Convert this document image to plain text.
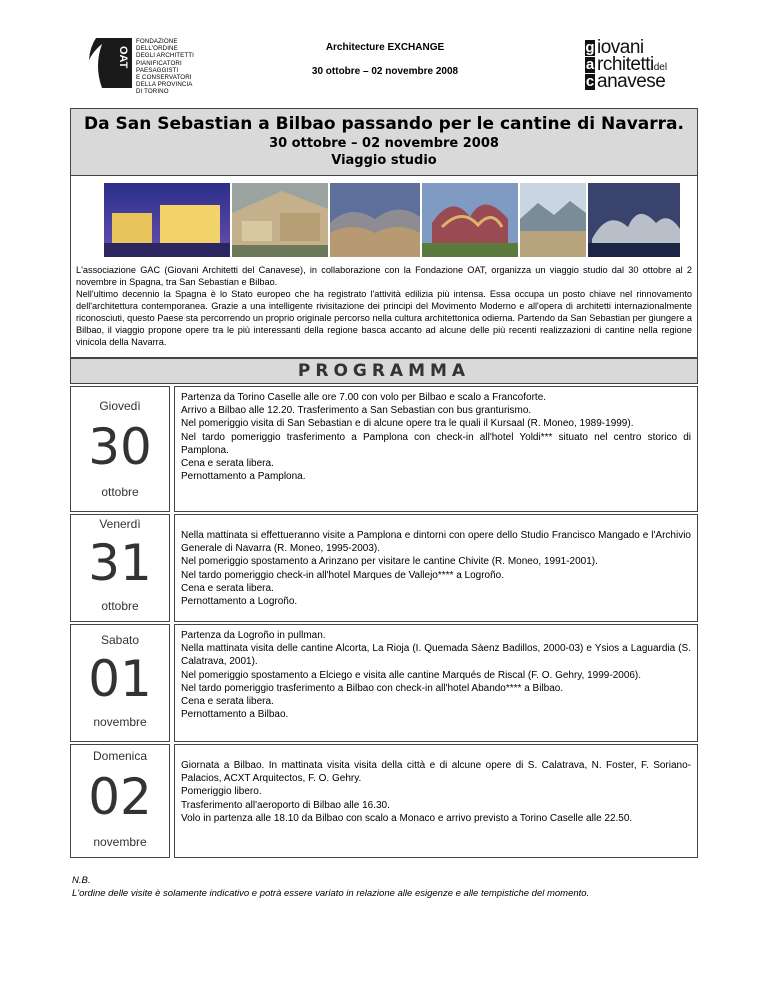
OAT
FONDAZIONE
DELL'ORDINE
DEGLI ARCHITETTI
PIANIFICATORI
PAESAGGISTI
E CONSERVATORI
DELLA PROVINCIA
DI TORINO
Architecture EXCHANGE
30 ottobre – 02 novembre 2008
g iovani
a rchitettidel
c anavese
Da San Sebastian a Bilbao passando per le cantine di Navarra.
30 ottobre – 02 novembre 2008
Viaggio studio

L'associazione GAC (Giovani Architetti del Canavese), in collaborazione con la Fondazione OAT, organizza un viaggio studio dal 30 ottobre al 2 novembre in Spagna, tra San Sebastian e Bilbao.

Nell'ultimo decennio la Spagna è lo Stato europeo che ha registrato l'attività edilizia più intensa. Essa occupa un posto chiave nel rinnovamento dell'architettura contemporanea. Grazie a una intelligente rivisitazione dei principi del Movimento Moderno e all'opera di architetti internazionalmente riconosciuti, questo Paese sta percorrendo un proprio originale percorso nella cultura architettonica odierna. Partendo da San Sebastian per giungere a Bilbao, il viaggio propone opere tra le più interessanti della regione basca accanto ad alcune delle più recenti realizzazioni di cantine nella regione vinicola della Navarra.

PROGRAMMA
Giovedì
30
ottobre
Partenza da Torino Caselle alle ore 7.00 con volo per Bilbao e scalo a Francoforte.
Arrivo a Bilbao alle 12.20. Trasferimento a San Sebastian con bus granturismo.
Nel pomeriggio visita di San Sebastian e di alcune opere tra le quali il Kursaal (R. Moneo, 1989-1999).
Nel tardo pomeriggio trasferimento a Pamplona con check-in all'hotel Yoldi*** situato nel centro storico di Pamplona.
Cena e serata libera.
Pernottamento a Pamplona.
Venerdì
31
ottobre
Nella mattinata si effettueranno visite a Pamplona e dintorni con opere dello Studio Francisco Mangado e l'Archivio Generale di Navarra (R. Moneo, 1995-2003).
Nel pomeriggio spostamento a Arinzano per visitare le cantine Chivite (R. Moneo, 1991-2001).
Nel tardo pomeriggio check-in all'hotel Marques de Vallejo**** a Logroño.
Cena e serata libera.
Pernottamento a Logroño.
Sabato
01
novembre
Partenza da Logroño in pullman.
Nella mattinata visita delle cantine Alcorta, La Rioja (I. Quemada Sàenz Badillos, 2000-03) e Ysios a Laguardia (S. Calatrava, 2001).
Nel pomeriggio spostamento a Elciego e visita alle cantine Marqués de Riscal (F. O. Gehry, 1999-2006).
Nel tardo pomeriggio trasferimento a Bilbao con check-in all'hotel Abando**** a Bilbao.
Cena e serata libera.
Pernottamento a Bilbao.
Domenica
02
novembre
Giornata a Bilbao. In mattinata visita visita della città e di alcune opere di S. Calatrava, N. Foster, F. Soriano-Palacios, ACXT Arquitectos, F. O. Gehry.
Pomeriggio libero.
Trasferimento all'aeroporto di Bilbao alle 16.30.
Volo in partenza alle 18.10 da Bilbao con scalo a Monaco e arrivo previsto a Torino Caselle alle 22.50.
N.B.
L'ordine delle visite è solamente indicativo e potrà essere variato in relazione alle esigenze e alle tempistiche del momento.
